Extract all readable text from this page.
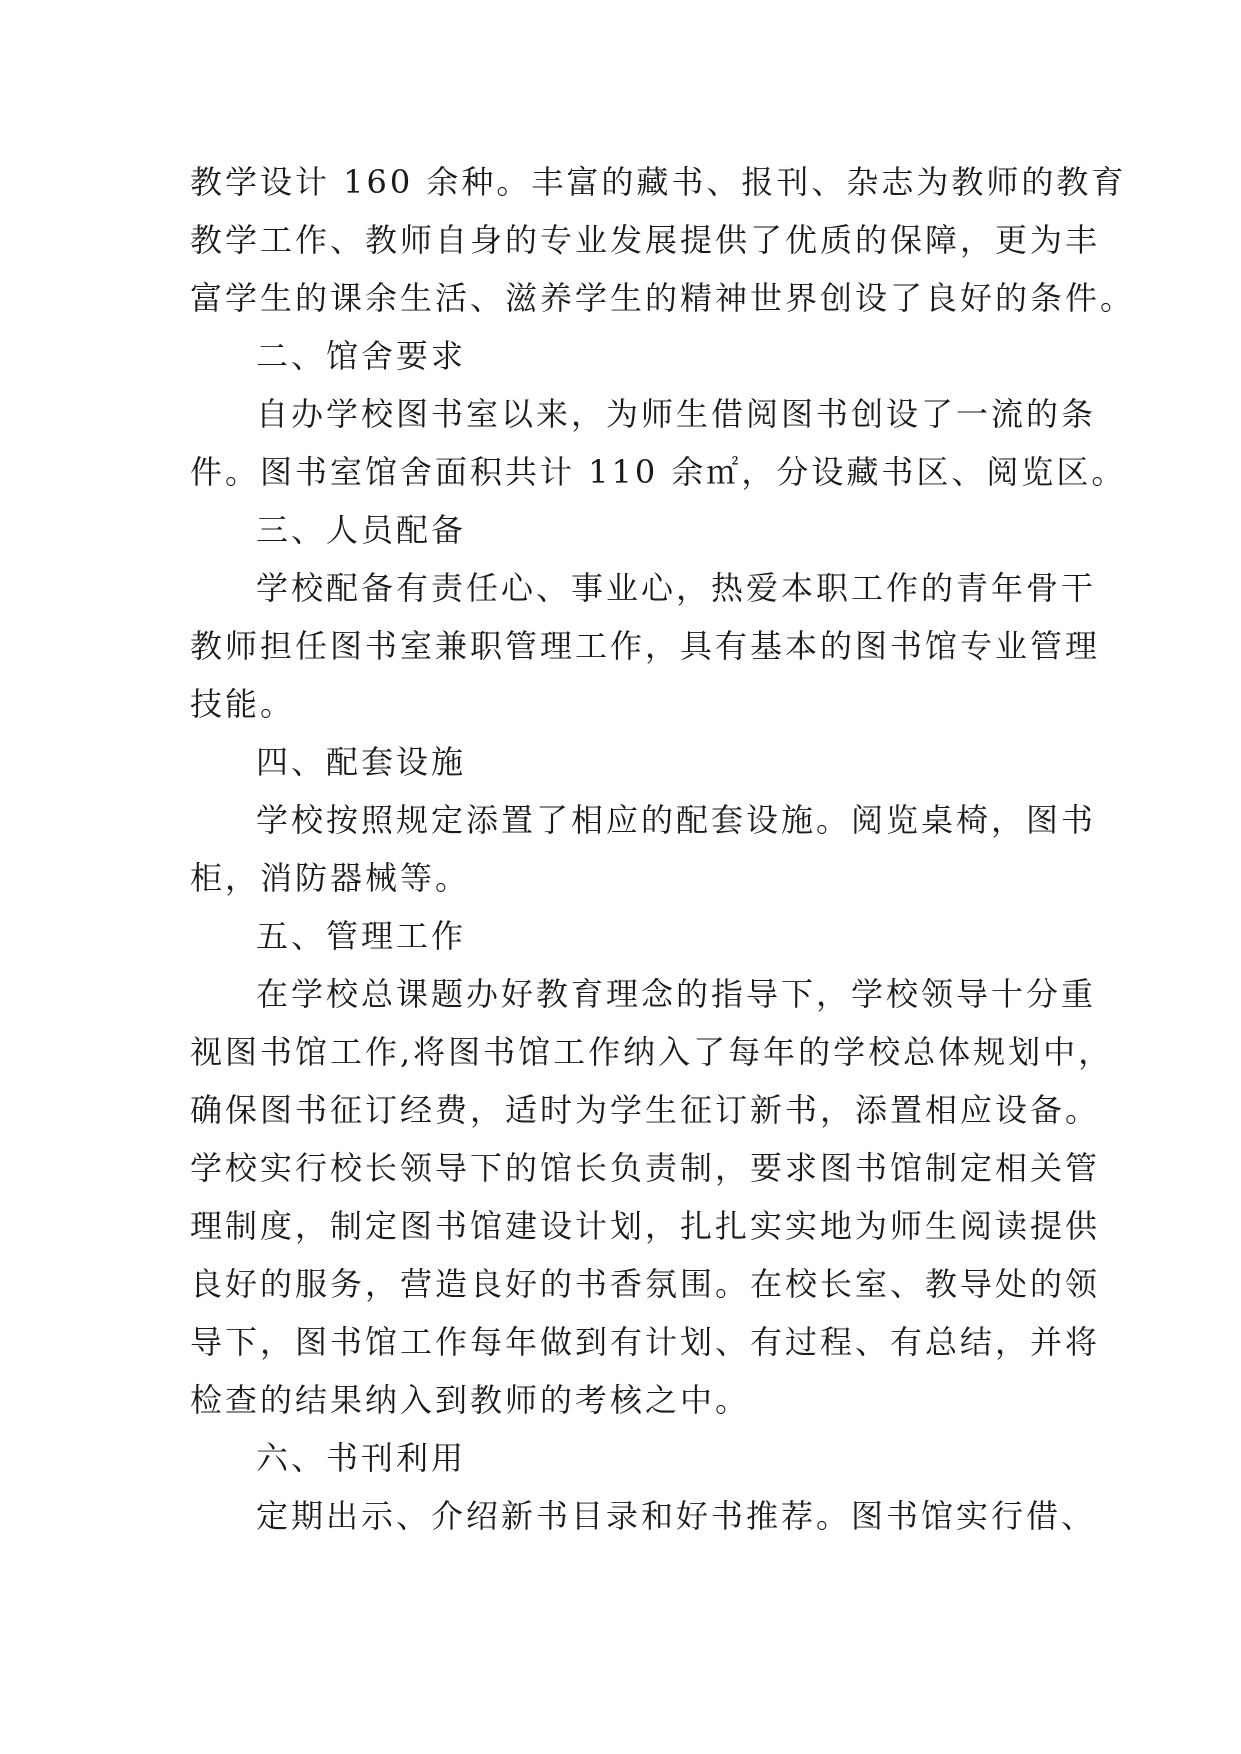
教学设计 160 余种。丰富的藏书、报刊、杂志为教师的教育
教学工作、教师自身的专业发展提供了优质的保障，更为丰
富学生的课余生活、滋养学生的精神世界创设了良好的条件。
二、馆舍要求
自办学校图书室以来，为师生借阅图书创设了一流的条
件。图书室馆舍面积共计 110 余㎡，分设藏书区、阅览区。
三、人员配备
学校配备有责任心、事业心，热爱本职工作的青年骨干
教师担任图书室兼职管理工作，具有基本的图书馆专业管理
技能。
四、配套设施
学校按照规定添置了相应的配套设施。阅览桌椅，图书
柜，消防器械等。
五、管理工作
在学校总课题办好教育理念的指导下，学校领导十分重
视图书馆工作,将图书馆工作纳入了每年的学校总体规划中，
确保图书征订经费，适时为学生征订新书，添置相应设备。
学校实行校长领导下的馆长负责制，要求图书馆制定相关管
理制度，制定图书馆建设计划，扎扎实实地为师生阅读提供
良好的服务，营造良好的书香氛围。在校长室、教导处的领
导下，图书馆工作每年做到有计划、有过程、有总结，并将
检查的结果纳入到教师的考核之中。
六、书刊利用
定期出示、介绍新书目录和好书推荐。图书馆实行借、
